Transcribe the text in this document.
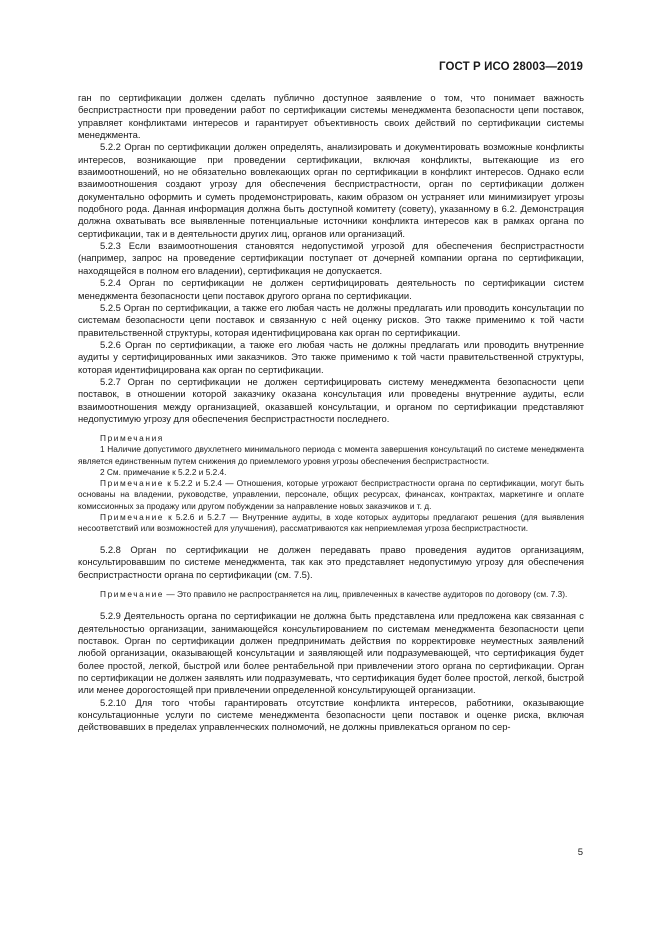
ГОСТ Р ИСО 28003—2019

ган по сертификации должен сделать публично доступное заявление о том, что понимает важность беспристрастности при проведении работ по сертификации системы менеджмента безопасности цепи поставок, управляет конфликтами интересов и гарантирует объективность своих действий по сертификации системы менеджмента.

5.2.2 Орган по сертификации должен определять, анализировать и документировать возможные конфликты интересов, возникающие при проведении сертификации, включая конфликты, вытекающие из его взаимоотношений, но не обязательно вовлекающих орган по сертификации в конфликт интересов. Однако если взаимоотношения создают угрозу для обеспечения беспристрастности, орган по сертификации должен документально оформить и суметь продемонстрировать, каким образом он устраняет или минимизирует угрозы подобного рода. Данная информация должна быть доступной комитету (совету), указанному в 6.2. Демонстрация должна охватывать все выявленные потенциальные источники конфликта интересов как в рамках органа по сертификации, так и в деятельности других лиц, органов или организаций.

5.2.3 Если взаимоотношения становятся недопустимой угрозой для обеспечения беспристрастности (например, запрос на проведение сертификации поступает от дочерней компании органа по сертификации, находящейся в полном его владении), сертификация не допускается.

5.2.4 Орган по сертификации не должен сертифицировать деятельность по сертификации систем менеджмента безопасности цепи поставок другого органа по сертификации.

5.2.5 Орган по сертификации, а также его любая часть не должны предлагать или проводить консультации по системам безопасности цепи поставок и связанную с ней оценку рисков. Это также применимо к той части правительственной структуры, которая идентифицирована как орган по сертификации.

5.2.6 Орган по сертификации, а также его любая часть не должны предлагать или проводить внутренние аудиты у сертифицированных ими заказчиков. Это также применимо к той части правительственной структуры, которая идентифицирована как орган по сертификации.

5.2.7 Орган по сертификации не должен сертифицировать систему менеджмента безопасности цепи поставок, в отношении которой заказчику оказана консультация или проведены внутренние аудиты, если взаимоотношения между организацией, оказавшей консультации, и органом по сертификации представляют недопустимую угрозу для обеспечения беспристрастности последнего.

Примечания

1 Наличие допустимого двухлетнего минимального периода с момента завершения консультаций по системе менеджмента является единственным путем снижения до приемлемого уровня угрозы обеспечения беспристрастности.

2 См. примечание к 5.2.2 и 5.2.4.

Примечание к 5.2.2 и 5.2.4 — Отношения, которые угрожают беспристрастности органа по сертификации, могут быть основаны на владении, руководстве, управлении, персонале, общих ресурсах, финансах, контрактах, маркетинге и оплате комиссионных за продажу или другом побуждении за направление новых заказчиков и т. д.

Примечание к 5.2.6 и 5.2.7 — Внутренние аудиты, в ходе которых аудиторы предлагают решения (для выявления несоответствий или возможностей для улучшения), рассматриваются как неприемлемая угроза беспристрастности.

5.2.8 Орган по сертификации не должен передавать право проведения аудитов организациям, консультировавшим по системе менеджмента, так как это представляет недопустимую угрозу для обеспечения беспристрастности органа по сертификации (см. 7.5).

Примечание — Это правило не распространяется на лиц, привлеченных в качестве аудиторов по договору (см. 7.3).

5.2.9 Деятельность органа по сертификации не должна быть представлена или предложена как связанная с деятельностью организации, занимающейся консультированием по системам менеджмента безопасности цепи поставок. Орган по сертификации должен предпринимать действия по корректировке неуместных заявлений любой организации, оказывающей консультации и заявляющей или подразумевающей, что сертификация будет более простой, легкой, быстрой или более рентабельной при привлечении этого органа по сертификации. Орган по сертификации не должен заявлять или подразумевать, что сертификация будет более простой, легкой, быстрой или менее дорогостоящей при привлечении определенной консультирующей организации.

5.2.10 Для того чтобы гарантировать отсутствие конфликта интересов, работники, оказывающие консультационные услуги по системе менеджмента безопасности цепи поставок и оценке риска, включая действовавших в пределах управленческих полномочий, не должны привлекаться органом по сер-

5
